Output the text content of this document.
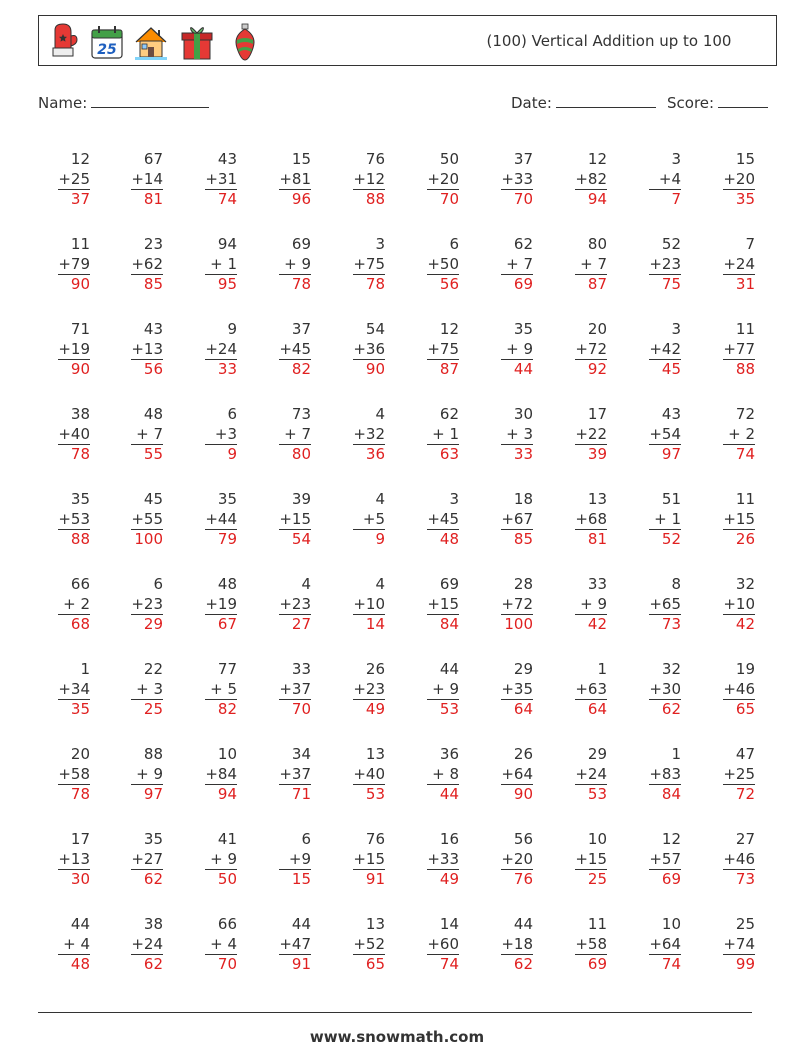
25	(100) Vertical Addition up to 100
Name:	Date:	Score:
12
+25
37
67
+14
81
43
+31
74
15
+81
96
76
+12
88
50
+20
70
37
+33
70
12
+82
94
3
+4
7
15
+20
35
11
+79
90
23
+62
85
94
+ 1
95
69
+ 9
78
3
+75
78
6
+50
56
62
+ 7
69
80
+ 7
87
52
+23
75
7
+24
31
71
+19
90
43
+13
56
9
+24
33
37
+45
82
54
+36
90
12
+75
87
35
+ 9
44
20
+72
92
3
+42
45
11
+77
88
38
+40
78
48
+ 7
55
6
+3
9
73
+ 7
80
4
+32
36
62
+ 1
63
30
+ 3
33
17
+22
39
43
+54
97
72
+ 2
74
35
+53
88
45
+55
100
35
+44
79
39
+15
54
4
+5
9
3
+45
48
18
+67
85
13
+68
81
51
+ 1
52
11
+15
26
66
+ 2
68
6
+23
29
48
+19
67
4
+23
27
4
+10
14
69
+15
84
28
+72
100
33
+ 9
42
8
+65
73
32
+10
42
1
+34
35
22
+ 3
25
77
+ 5
82
33
+37
70
26
+23
49
44
+ 9
53
29
+35
64
1
+63
64
32
+30
62
19
+46
65
20
+58
78
88
+ 9
97
10
+84
94
34
+37
71
13
+40
53
36
+ 8
44
26
+64
90
29
+24
53
1
+83
84
47
+25
72
17
+13
30
35
+27
62
41
+ 9
50
6
+9
15
76
+15
91
16
+33
49
56
+20
76
10
+15
25
12
+57
69
27
+46
73
44
+ 4
48
38
+24
62
66
+ 4
70
44
+47
91
13
+52
65
14
+60
74
44
+18
62
11
+58
69
10
+64
74
25
+74
99
www.snowmath.com
